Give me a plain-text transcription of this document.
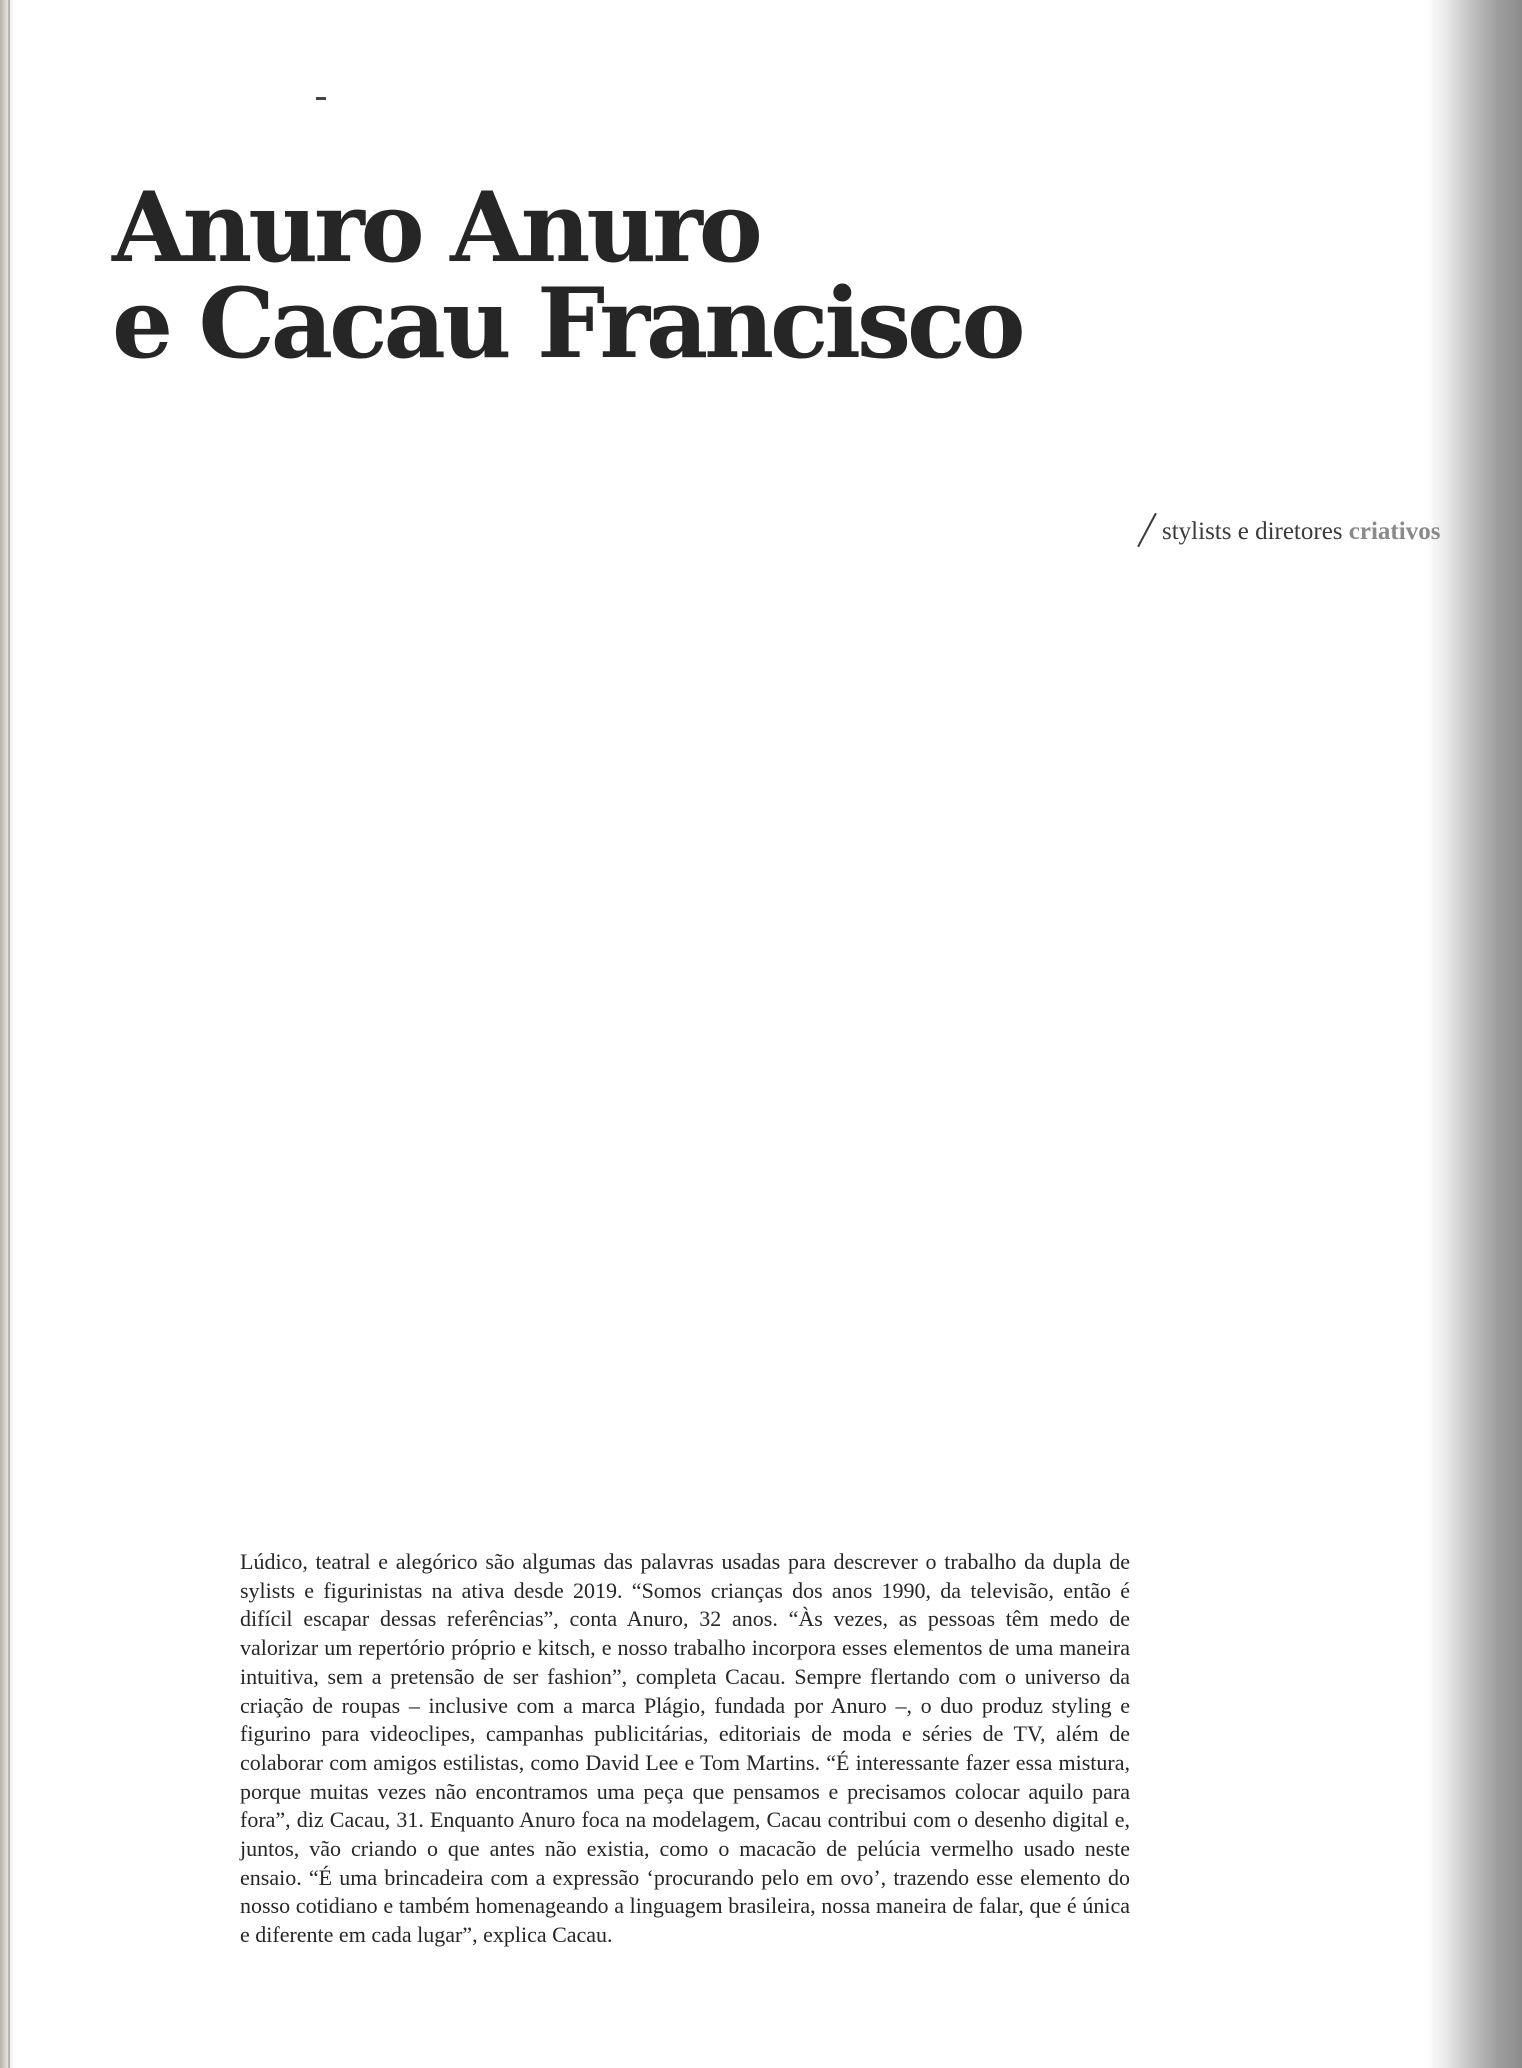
Anuro Anuro
e Cacau Francisco
stylists e diretores
criativos

Lúdico, teatral e alegórico são algumas das palavras usadas para descrever o trabalho da dupla de sylists e figurinistas na ativa desde 2019. “Somos crianças dos anos 1990, da televisão, então é difícil escapar dessas referências”, conta Anuro, 32 anos. “Às vezes, as pessoas têm medo de valorizar um repertório próprio e kitsch, e nosso trabalho incorpora esses elementos de uma maneira intuitiva, sem a pretensão de ser fashion”, completa Cacau. Sempre flertando com o universo da criação de roupas – inclusive com a marca Plágio, fundada por Anuro –, o duo produz styling e figurino para videoclipes, campanhas publicitárias, editoriais de moda e séries de TV, além de colaborar com amigos estilistas, como David Lee e Tom Martins. “É interessante fazer essa mistura, porque muitas vezes não encontramos uma peça que pensamos e precisamos colocar aquilo para fora”, diz Cacau, 31. Enquanto Anuro foca na modelagem, Cacau contribui com o desenho digital e, juntos, vão criando o que antes não existia, como o macacão de pelúcia vermelho usado neste ensaio. “É uma brincadeira com a expressão ‘procurando pelo em ovo’, trazendo esse elemento do nosso cotidiano e também homenageando a linguagem brasileira, nossa maneira de falar, que é única e diferente em cada lugar”, explica Cacau.
